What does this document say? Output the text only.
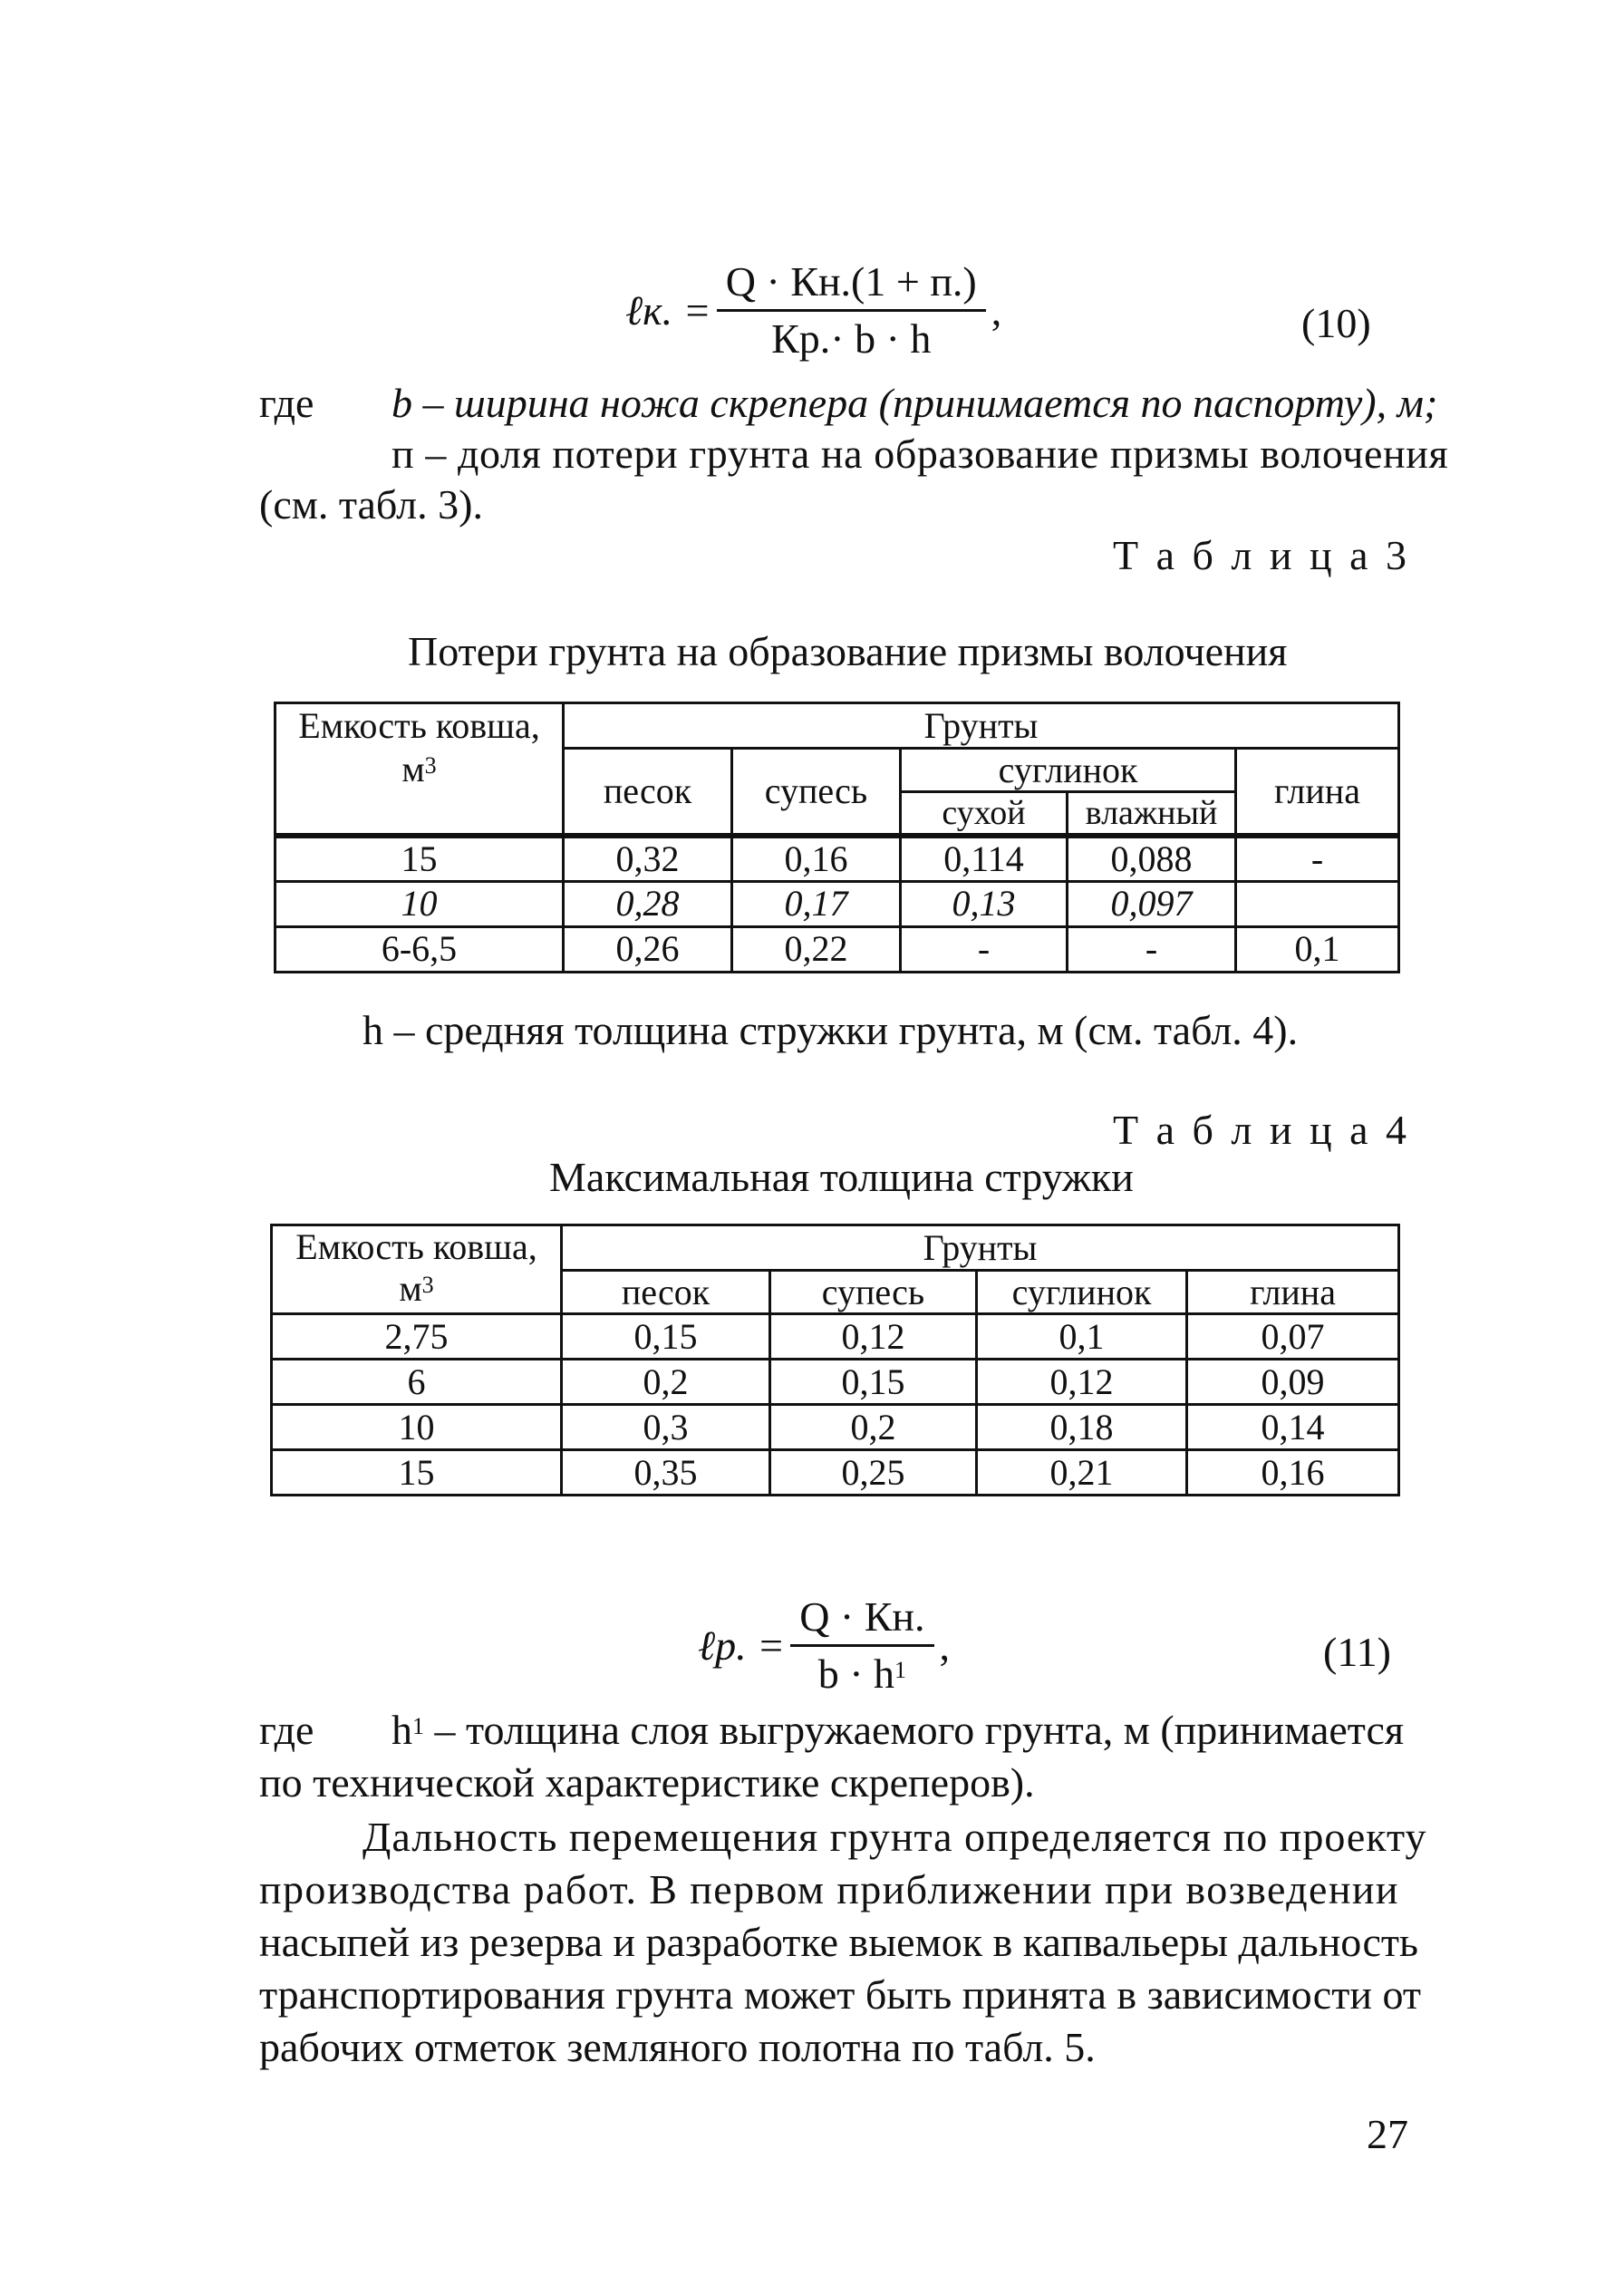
ℓк. = $\frac{Q \cdot Кн.(1 + п.)}{Кр.\cdot b \cdot h}$ ,	(10)
где b – ширина ножа скрепера (принимается по паспорту), м;
п – доля потери грунта на образование призмы волочения
(см. табл. 3).
Т а б л и ц а 3
Потери грунта на образование призмы волочения
Емкость ковша,
$м^3$	Грунты				
	песок	супесь	суглинок		глина
			сухой	влажный	
15	0,32	0,16	0,114	0,088	-
10	0,28	0,17	0,13	0,097	
6-6,5	0,26	0,22	-	-	0,1
h – средняя толщина стружки грунта, м (см. табл. 4).
Т а б л и ц а 4
Максимальная толщина стружки
Емкость ковша,
$м^3$	Грунты			
	песок	супесь	суглинок	глина
2,75	0,15	0,12	0,1	0,07
6	0,2	0,15	0,12	0,09
10	0,3	0,2	0,18	0,14
15	0,35	0,25	0,21	0,16
ℓр. = $\frac{Q \cdot Кн.}{b \cdot h^1}$ ,	(11)
где $h^1$ – толщина слоя выгружаемого грунта, м (принимается
по технической характеристике скреперов).
Дальность перемещения грунта определяется по проекту
производства работ. В первом приближении при возведении
насыпей из резерва и разработке выемок в капвальеры дальность
транспортирования грунта может быть принята в зависимости от
рабочих отметок земляного полотна по табл. 5.
27
